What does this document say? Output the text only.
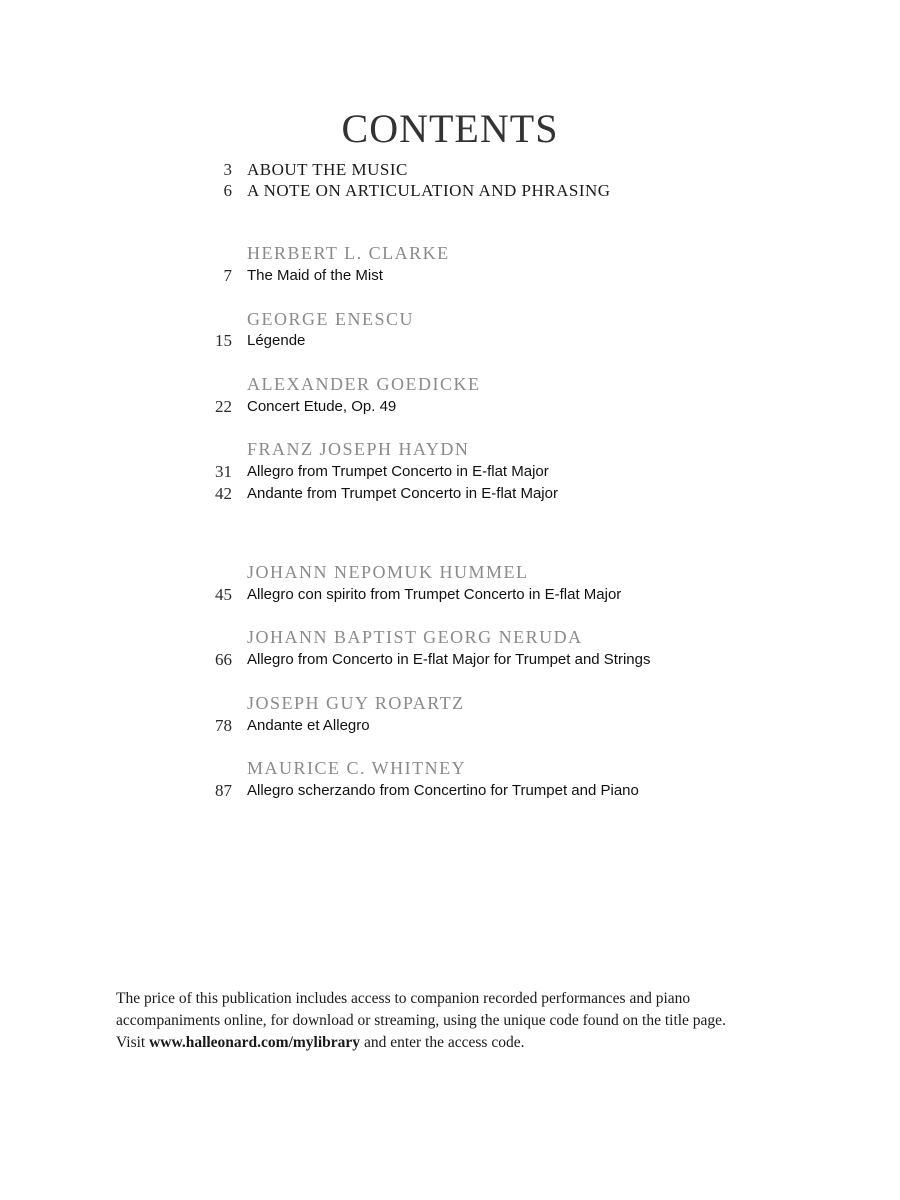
CONTENTS
3 ABOUT THE MUSIC
6 A NOTE ON ARTICULATION AND PHRASING
HERBERT L. CLARKE
7 The Maid of the Mist
GEORGE ENESCU
15 Légende
ALEXANDER GOEDICKE
22 Concert Etude, Op. 49
FRANZ JOSEPH HAYDN
31 Allegro from Trumpet Concerto in E-flat Major
42 Andante from Trumpet Concerto in E-flat Major
JOHANN NEPOMUK HUMMEL
45 Allegro con spirito from Trumpet Concerto in E-flat Major
JOHANN BAPTIST GEORG NERUDA
66 Allegro from Concerto in E-flat Major for Trumpet and Strings
JOSEPH GUY ROPARTZ
78 Andante et Allegro
MAURICE C. WHITNEY
87 Allegro scherzando from Concertino for Trumpet and Piano
The price of this publication includes access to companion recorded performances and piano
accompaniments online, for download or streaming, using the unique code found on the title page.
Visit www.halleonard.com/mylibrary and enter the access code.
